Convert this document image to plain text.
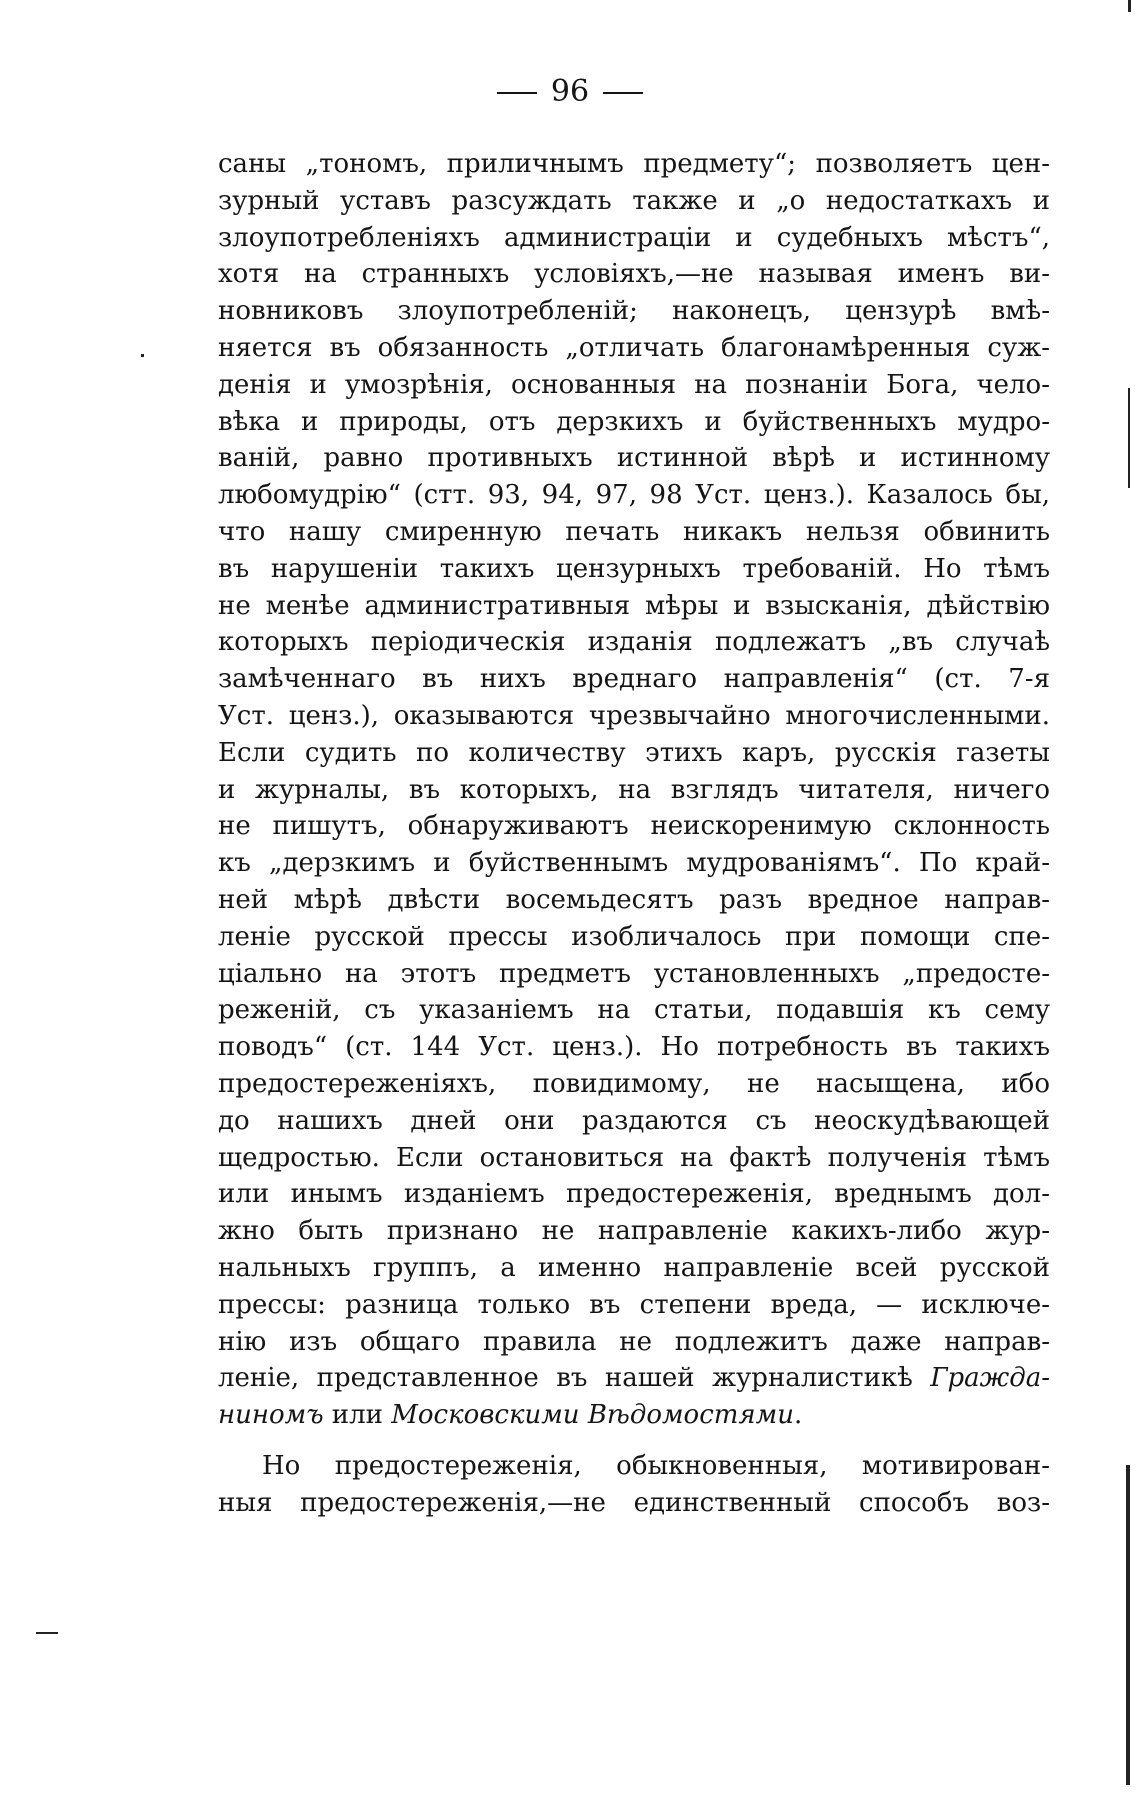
96
саны „тономъ, приличнымъ предмету“; позволяетъ цен-
зурный уставъ разсуждать также и „о недостаткахъ и
злоупотребленіяхъ администраціи и судебныхъ мѣстъ“,
хотя на странныхъ условіяхъ,—не называя именъ ви-
новниковъ злоупотребленій; наконецъ, цензурѣ вмѣ-
няется въ обязанность „отличать благонамѣренныя суж-
денія и умозрѣнія, основанныя на познаніи Бога, чело-
вѣка и природы, отъ дерзкихъ и буйственныхъ мудро-
ваній, равно противныхъ истинной вѣрѣ и истинному
любомудрію“ (стт. 93, 94, 97, 98 Уст. ценз.). Казалось бы,
что нашу смиренную печать никакъ нельзя обвинить
въ нарушеніи такихъ цензурныхъ требованій. Но тѣмъ
не менѣе административныя мѣры и взысканія, дѣйствію
которыхъ періодическія изданія подлежатъ „въ случаѣ
замѣченнаго въ нихъ вреднаго направленія“ (ст. 7-я
Уст. ценз.), оказываются чрезвычайно многочисленными.
Если судить по количеству этихъ каръ, русскія газеты
и журналы, въ которыхъ, на взглядъ читателя, ничего
не пишутъ, обнаруживаютъ неискоренимую склонность
къ „дерзкимъ и буйственнымъ мудрованіямъ“. По край-
ней мѣрѣ двѣсти восемьдесятъ разъ вредное направ-
леніе русской прессы изобличалось при помощи спе-
ціально на этотъ предметъ установленныхъ „предосте-
реженій, съ указаніемъ на статьи, подавшія къ сему
поводъ“ (ст. 144 Уст. ценз.). Но потребность въ такихъ
предостереженіяхъ, повидимому, не насыщена, ибо
до нашихъ дней они раздаются съ неоскудѣвающей
щедростью. Если остановиться на фактѣ полученія тѣмъ
или инымъ изданіемъ предостереженія, вреднымъ дол-
жно быть признано не направленіе какихъ-либо жур-
нальныхъ группъ, а именно направленіе всей русской
прессы: разница только въ степени вреда, — исключе-
нію изъ общаго правила не подлежитъ даже направ-
леніе, представленное въ нашей журналистикѣ Гражда-
ниномъ или Московскими Вѣдомостями.
Но предостереженія, обыкновенныя, мотивирован-
ныя предостереженія,—не единственный способъ воз-
